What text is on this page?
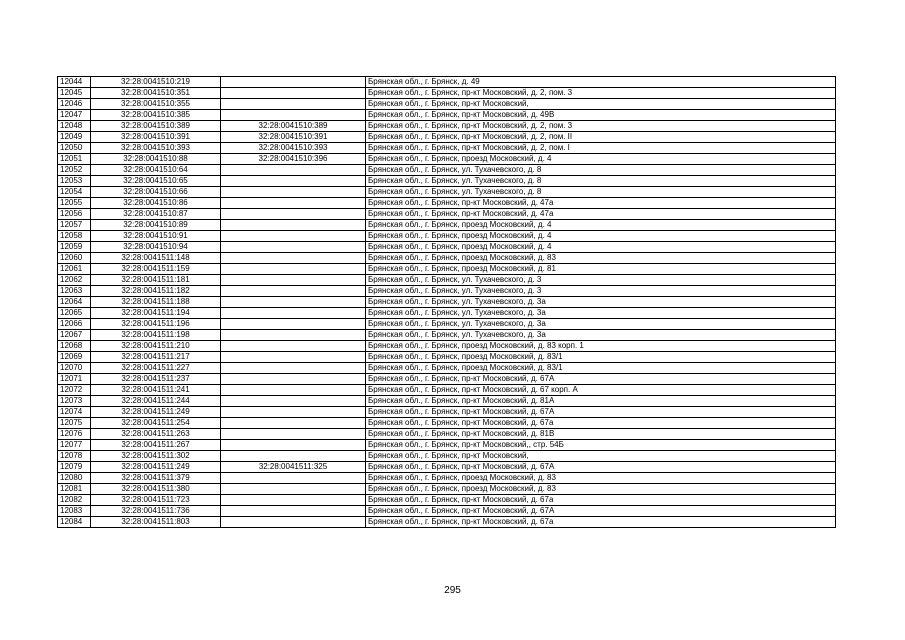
12044	32:28:0041510:219		Брянская обл., г. Брянск, д. 49
12045	32:28:0041510:351		Брянская обл., г. Брянск, пр-кт Московский, д. 2, пом. 3
12046	32:28:0041510:355		Брянская обл., г. Брянск, пр-кт Московский,
12047	32:28:0041510:385		Брянская обл., г. Брянск, пр-кт Московский, д. 49В
12048	32:28:0041510:389	32:28:0041510:389	Брянская обл., г. Брянск, пр-кт Московский, д. 2, пом. 3
12049	32:28:0041510:391	32:28:0041510:391	Брянская обл., г. Брянск, пр-кт Московский, д. 2, пом. II
12050	32:28:0041510:393	32:28:0041510:393	Брянская обл., г. Брянск, пр-кт Московский, д. 2, пом. I
12051	32:28:0041510:88	32:28:0041510:396	Брянская обл., г. Брянск, проезд Московский, д. 4
12052	32:28:0041510:64		Брянская обл., г. Брянск, ул. Тухачевского, д. 8
12053	32:28:0041510:65		Брянская обл., г. Брянск, ул. Тухачевского, д. 8
12054	32:28:0041510:66		Брянская обл., г. Брянск, ул. Тухачевского, д. 8
12055	32:28:0041510:86		Брянская обл., г. Брянск, пр-кт Московский, д. 47а
12056	32:28:0041510:87		Брянская обл., г. Брянск, пр-кт Московский, д. 47а
12057	32:28:0041510:89		Брянская обл., г. Брянск, проезд Московский, д. 4
12058	32:28:0041510:91		Брянская обл., г. Брянск, проезд Московский, д. 4
12059	32:28:0041510:94		Брянская обл., г. Брянск, проезд Московский, д. 4
12060	32:28:0041511:148		Брянская обл., г. Брянск, проезд Московский, д. 83
12061	32:28:0041511:159		Брянская обл., г. Брянск, проезд Московский, д. 81
12062	32:28:0041511:181		Брянская обл., г. Брянск, ул. Тухачевского, д. 3
12063	32:28:0041511:182		Брянская обл., г. Брянск, ул. Тухачевского, д. 3
12064	32:28:0041511:188		Брянская обл., г. Брянск, ул. Тухачевского, д. 3а
12065	32:28:0041511:194		Брянская обл., г. Брянск, ул. Тухачевского, д. 3а
12066	32:28:0041511:196		Брянская обл., г. Брянск, ул. Тухачевского, д. 3а
12067	32:28:0041511:198		Брянская обл., г. Брянск, ул. Тухачевского, д. 3а
12068	32:28:0041511:210		Брянская обл., г. Брянск, проезд Московский, д. 83 корп. 1
12069	32:28:0041511:217		Брянская обл., г. Брянск, проезд Московский, д. 83/1
12070	32:28:0041511:227		Брянская обл., г. Брянск, проезд Московский, д. 83/1
12071	32:28:0041511:237		Брянская обл., г. Брянск, пр-кт Московский, д. 67А
12072	32:28:0041511:241		Брянская обл., г. Брянск, пр-кт Московский, д. 67 корп. А
12073	32:28:0041511:244		Брянская обл., г. Брянск, пр-кт Московский, д. 81А
12074	32:28:0041511:249		Брянская обл., г. Брянск, пр-кт Московский, д. 67А
12075	32:28:0041511:254		Брянская обл., г. Брянск, пр-кт Московский, д. 67а
12076	32:28:0041511:263		Брянская обл., г. Брянск, пр-кт Московский, д. 81В
12077	32:28:0041511:267		Брянская обл., г. Брянск, пр-кт Московский,, стр. 54Б
12078	32:28:0041511:302		Брянская обл., г. Брянск, пр-кт Московский,
12079	32:28:0041511:249	32:28:0041511:325	Брянская обл., г. Брянск, пр-кт Московский, д. 67А
12080	32:28:0041511:379		Брянская обл., г. Брянск, проезд Московский, д. 83
12081	32:28:0041511:380		Брянская обл., г. Брянск, проезд Московский, д. 83
12082	32:28:0041511:723		Брянская обл., г. Брянск, пр-кт Московский, д. 67а
12083	32:28:0041511:736		Брянская обл., г. Брянск, пр-кт Московский, д. 67А
12084	32:28:0041511:803		Брянская обл., г. Брянск, пр-кт Московский, д. 67а
295
